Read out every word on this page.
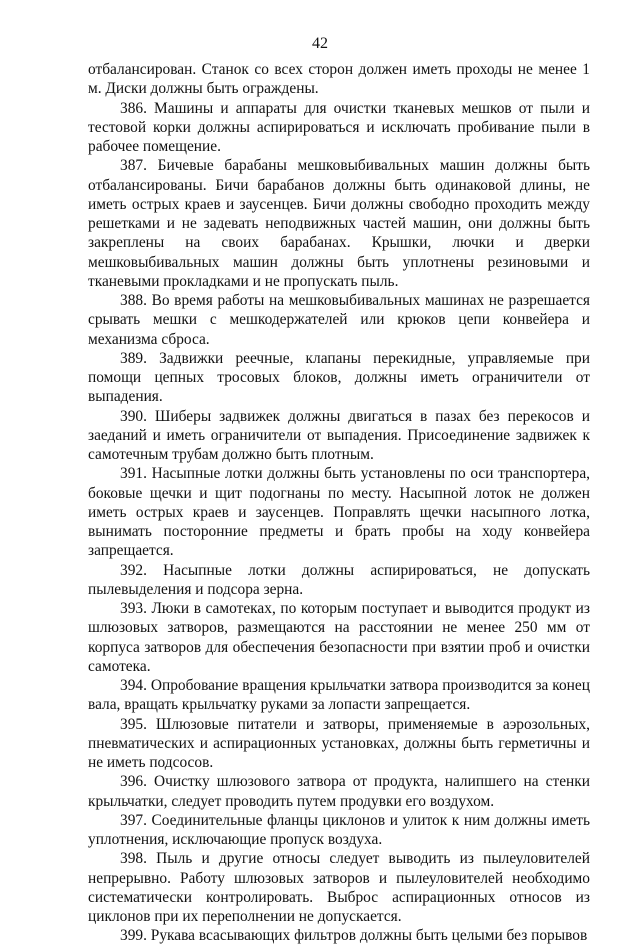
42

отбалансирован. Станок со всех сторон должен иметь проходы не менее 1 м. Диски должны быть ограждены.

386. Машины и аппараты для очистки тканевых мешков от пыли и тестовой корки должны аспирироваться и исключать пробивание пыли в рабочее помещение.

387. Бичевые барабаны мешковыбивальных машин должны быть отбалансированы. Бичи барабанов должны быть одинаковой длины, не иметь острых краев и заусенцев. Бичи должны свободно проходить между решетками и не задевать неподвижных частей машин, они должны быть закреплены на своих барабанах. Крышки, лючки и дверки мешковыбивальных машин должны быть уплотнены резиновыми и тканевыми прокладками и не пропускать пыль.

388. Во время работы на мешковыбивальных машинах не разрешается срывать мешки с мешкодержателей или крюков цепи конвейера и механизма сброса.

389. Задвижки реечные, клапаны перекидные, управляемые при помощи цепных тросовых блоков, должны иметь ограничители от выпадения.

390. Шиберы задвижек должны двигаться в пазах без перекосов и заеданий и иметь ограничители от выпадения. Присоединение задвижек к самотечным трубам должно быть плотным.

391. Насыпные лотки должны быть установлены по оси транспортера, боковые щечки и щит подогнаны по месту. Насыпной лоток не должен иметь острых краев и заусенцев. Поправлять щечки насыпного лотка, вынимать посторонние предметы и брать пробы на ходу конвейера запрещается.

392. Насыпные лотки должны аспирироваться, не допускать пылевыделения и подсора зерна.

393. Люки в самотеках, по которым поступает и выводится продукт из шлюзовых затворов, размещаются на расстоянии не менее 250 мм от корпуса затворов для обеспечения безопасности при взятии проб и очистки самотека.

394. Опробование вращения крыльчатки затвора производится за конец вала, вращать крыльчатку руками за лопасти запрещается.

395. Шлюзовые питатели и затворы, применяемые в аэрозольных, пневматических и аспирационных установках, должны быть герметичны и не иметь подсосов.

396. Очистку шлюзового затвора от продукта, налипшего на стенки крыльчатки, следует проводить путем продувки его воздухом.

397. Соединительные фланцы циклонов и улиток к ним должны иметь уплотнения, исключающие пропуск воздуха.

398. Пыль и другие относы следует выводить из пылеуловителей непрерывно. Работу шлюзовых затворов и пылеуловителей необходимо систематически контролировать. Выброс аспирационных относов из циклонов при их переполнении не допускается.

399. Рукава всасывающих фильтров должны быть целыми без порывов
